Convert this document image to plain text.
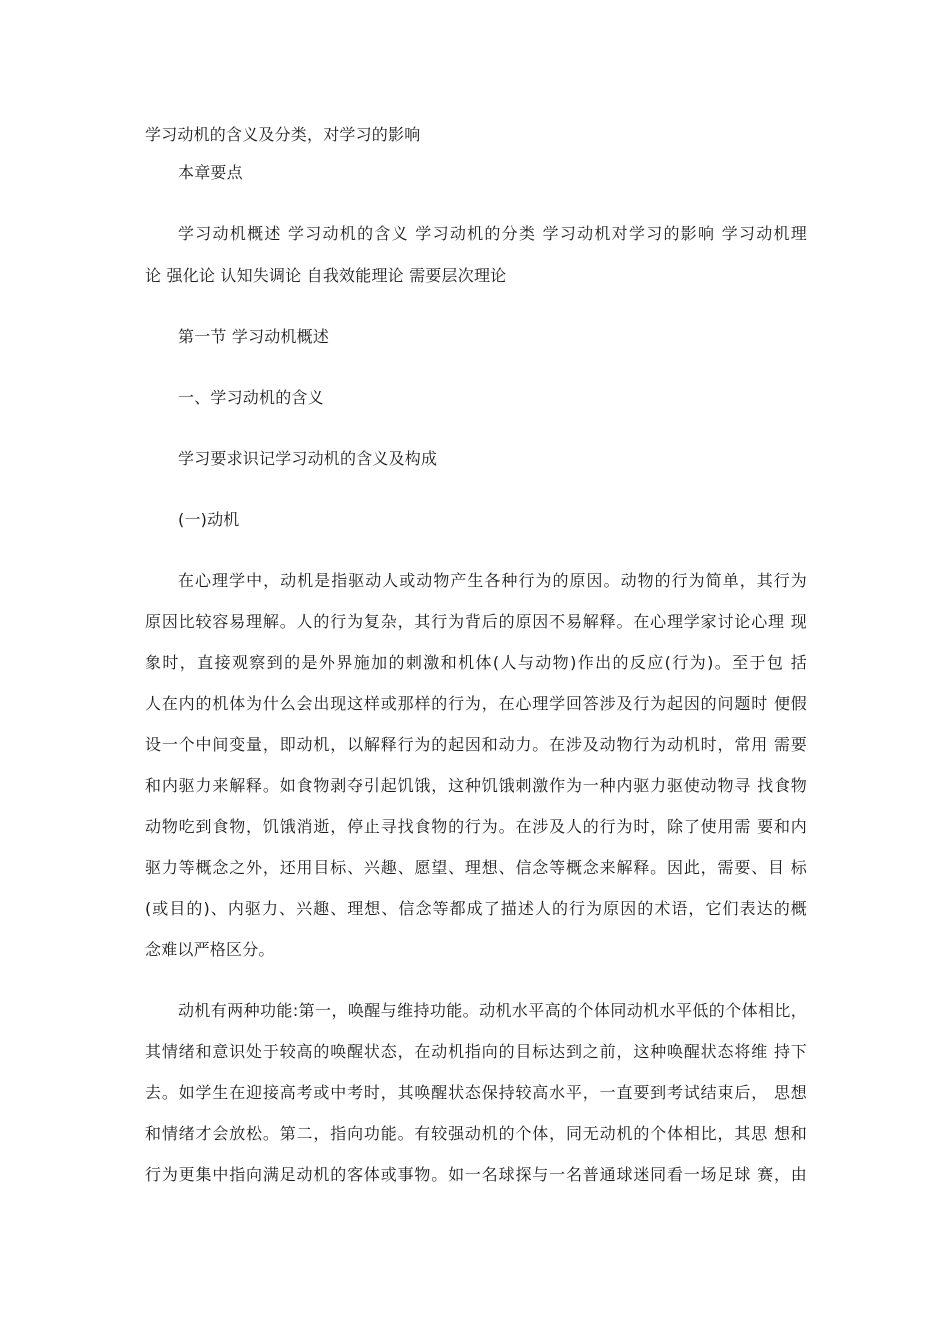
学习动机的含义及分类，对学习的影响
本章要点
学习动机概述 学习动机的含义 学习动机的分类 学习动机对学习的影响 学习动机理
论 强化论 认知失调论 自我效能理论 需要层次理论
第一节 学习动机概述
一、学习动机的含义
学习要求识记学习动机的含义及构成
(一)动机
在心理学中，动机是指驱动人或动物产生各种行为的原因。动物的行为简单，其行为
原因比较容易理解。人的行为复杂，其行为背后的原因不易解释。在心理学家讨论心理 现
象时，直接观察到的是外界施加的刺激和机体(人与动物)作出的反应(行为)。至于包 括
人在内的机体为什么会出现这样或那样的行为，在心理学回答涉及行为起因的问题时 便假
设一个中间变量，即动机，以解释行为的起因和动力。在涉及动物行为动机时，常用 需要
和内驱力来解释。如食物剥夺引起饥饿，这种饥饿刺激作为一种内驱力驱使动物寻 找食物
动物吃到食物，饥饿消逝，停止寻找食物的行为。在涉及人的行为时，除了使用需 要和内
驱力等概念之外，还用目标、兴趣、愿望、理想、信念等概念来解释。因此，需要、目 标
(或目的)、内驱力、兴趣、理想、信念等都成了描述人的行为原因的术语，它们表达的概
念难以严格区分。
动机有两种功能:第一，唤醒与维持功能。动机水平高的个体同动机水平低的个体相比，
其情绪和意识处于较高的唤醒状态，在动机指向的目标达到之前，这种唤醒状态将维 持下
去。如学生在迎接高考或中考时，其唤醒状态保持较高水平，一直要到考试结束后， 思想
和情绪才会放松。第二，指向功能。有较强动机的个体，同无动机的个体相比，其思 想和
行为更集中指向满足动机的客体或事物。如一名球探与一名普通球迷同看一场足球 赛，由
